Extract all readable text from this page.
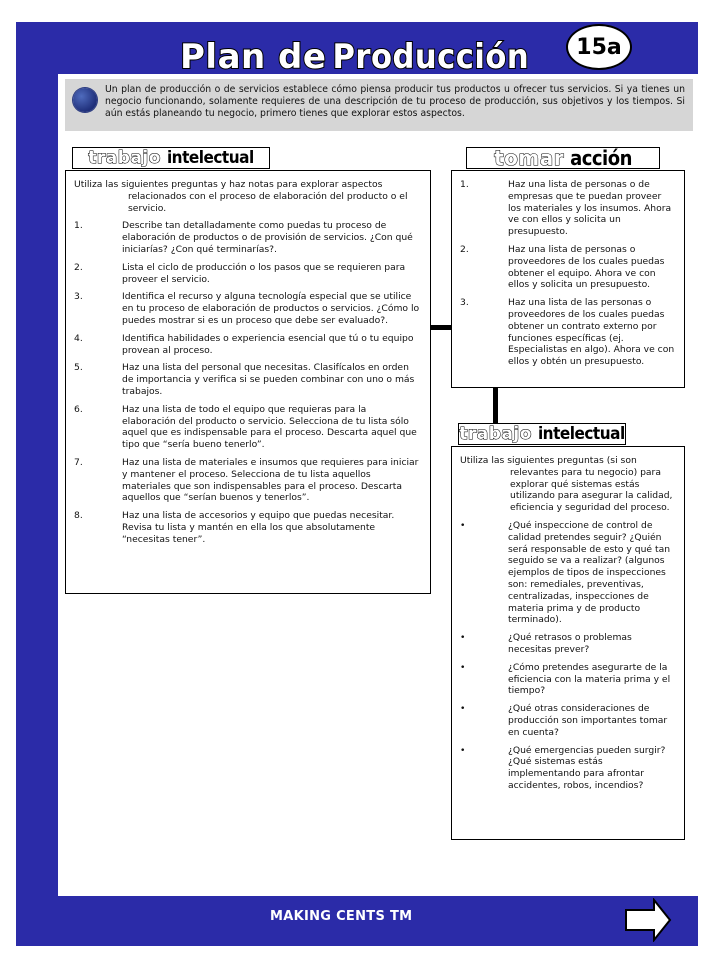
Plan de Producción	15a

Un plan de producción o de servicios establece cómo piensa producir tus productos u ofrecer tus servicios. Si ya tienes un negocio funcionando, solamente requieres de una descripción de tu proceso de producción, sus objetivos y los tiempos. Si aún estás planeando tu negocio, primero tienes que explorar estos aspectos.

trabajo intelectual

Utiliza las siguientes preguntas y haz notas para explorar aspectos relacionados con el proceso de elaboración del producto o el servicio.

1.	Describe tan detalladamente como puedas tu proceso de elaboración de productos o de provisión de servicios. ¿Con qué iniciarías? ¿Con qué terminarías?.
2.	Lista el ciclo de producción o los pasos que se requieren para proveer el servicio.
3.	Identifica el recurso y alguna tecnología especial que se utilice en tu proceso de elaboración de productos o servicios. ¿Cómo lo puedes mostrar si es un proceso que debe ser evaluado?.
4.	Identifica habilidades o experiencia esencial que tú o tu equipo provean al proceso.
5.	Haz una lista del personal que necesitas. Clasifícalos en orden de importancia y verifica si se pueden combinar con uno o más trabajos.
6.	Haz una lista de todo el equipo que requieras para la elaboración del producto o servicio. Selecciona de tu lista sólo aquel que es indispensable para el proceso. Descarta aquel que tipo que “sería bueno tenerlo”.
7.	Haz una lista de materiales e insumos que requieres para iniciar y mantener el proceso. Selecciona de tu lista aquellos materiales que son indispensables para el proceso. Descarta aquellos que “serían buenos y tenerlos”.
8.	Haz una lista de accesorios y equipo que puedas necesitar. Revisa tu lista y mantén en ella los que absolutamente “necesitas tener”.
tomar acción
1.	Haz una lista de personas o de empresas que te puedan proveer los materiales y los insumos. Ahora ve con ellos y solicita un presupuesto.
2.	Haz una lista de personas o proveedores de los cuales puedas obtener el equipo. Ahora ve con ellos y solicita un presupuesto.
3.	Haz una lista de las personas o proveedores de los cuales puedas obtener un contrato externo por funciones específicas (ej. Especialistas en algo). Ahora ve con ellos y obtén un presupuesto.
trabajo intelectual

Utiliza las siguientes preguntas (si son relevantes para tu negocio) para explorar qué sistemas estás utilizando para asegurar la calidad, eficiencia y seguridad del proceso.

•	¿Qué inspeccione de control de calidad pretendes seguir? ¿Quién será responsable de esto y qué tan seguido se va a realizar? (algunos ejemplos de tipos de inspecciones son: remediales, preventivas, centralizadas, inspecciones de materia prima y de producto terminado).
•	¿Qué retrasos o problemas necesitas prever?
•	¿Cómo pretendes asegurarte de la eficiencia con la materia prima y el tiempo?
•	¿Qué otras consideraciones de producción son importantes tomar en cuenta?
•	¿Qué emergencias pueden surgir? ¿Qué sistemas estás implementando para afrontar accidentes, robos, incendios?
MAKING CENTS TM
